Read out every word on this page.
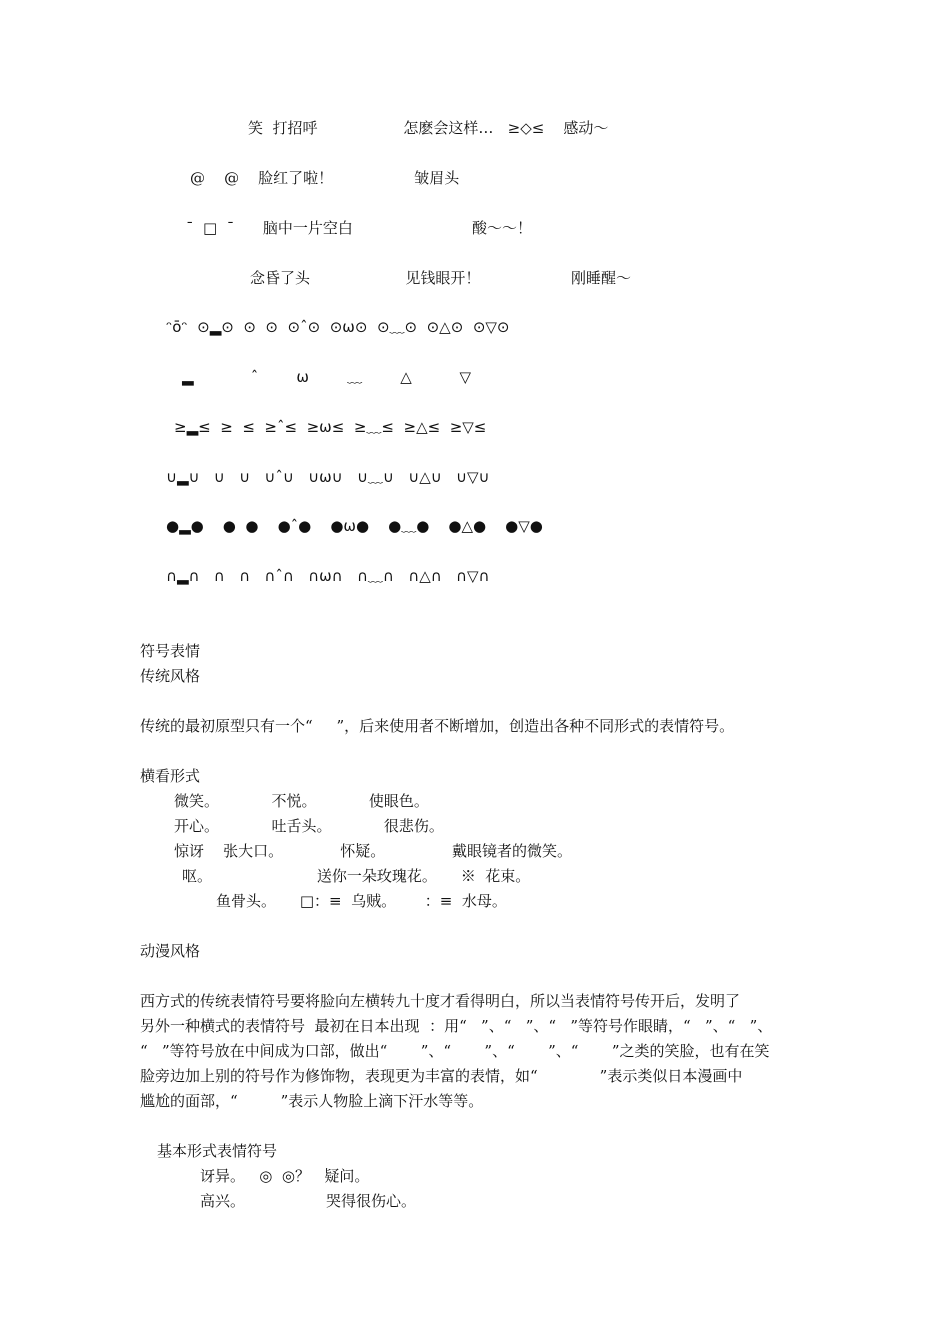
笑  打招呼                  怎麽会这样…   ≥◇≤    感动～
@    @    脸红了啦！                 皱眉头
¯  □  ¯      脑中一片空白                         酸～～！
念昏了头                    见钱眼开！                   刚睡醒～
ᵔōᵔ  ⊙▂⊙  ⊙  ⊙  ⊙ˆ⊙  ⊙ω⊙  ⊙﹏⊙  ⊙△⊙  ⊙▽⊙
▂            ˆ        ω        ﹏        △          ▽
≥▂≤  ≥  ≤  ≥ˆ≤  ≥ω≤  ≥﹏≤  ≥△≤  ≥▽≤
∪▂∪   ∪   ∪   ∪ˆ∪   ∪ω∪   ∪﹏∪   ∪△∪   ∪▽∪
●▂●    ●  ●    ●ˆ●    ●ω●    ●﹏●    ●△●    ●▽●
∩▂∩   ∩   ∩   ∩ˆ∩   ∩ω∩   ∩﹏∩   ∩△∩   ∩▽∩
符号表情
传统风格
传统的最初原型只有一个“     ”，后来使用者不断增加，创造出各种不同形式的表情符号。
横看形式
微笑。           不悦。           使眼色。
开心。           吐舌头。           很悲伤。
惊讶    张大口。            怀疑。              戴眼镜者的微笑。
呕。                      送你一朵玫瑰花。     ※  花束。
鱼骨头。     □：≡  乌贼。      ：≡  水母。
动漫风格
西方式的传统表情符号要将脸向左横转九十度才看得明白，所以当表情符号传开后，发明了
另外一种横式的表情符号  最初在日本出现  ：用“   ”、“   ”、“   ”等符号作眼睛，“   ”、“   ”、
“   ”等符号放在中间成为口部，做出“       ”、“       ”、“       ”、“       ”之类的笑脸，也有在笑
脸旁边加上别的符号作为修饰物，表现更为丰富的表情，如“             ”表示类似日本漫画中
尴尬的面部，“         ”表示人物脸上滴下汗水等等。
基本形式表情符号
讶异。   ◎  ◎？   疑问。
高兴。                 哭得很伤心。
